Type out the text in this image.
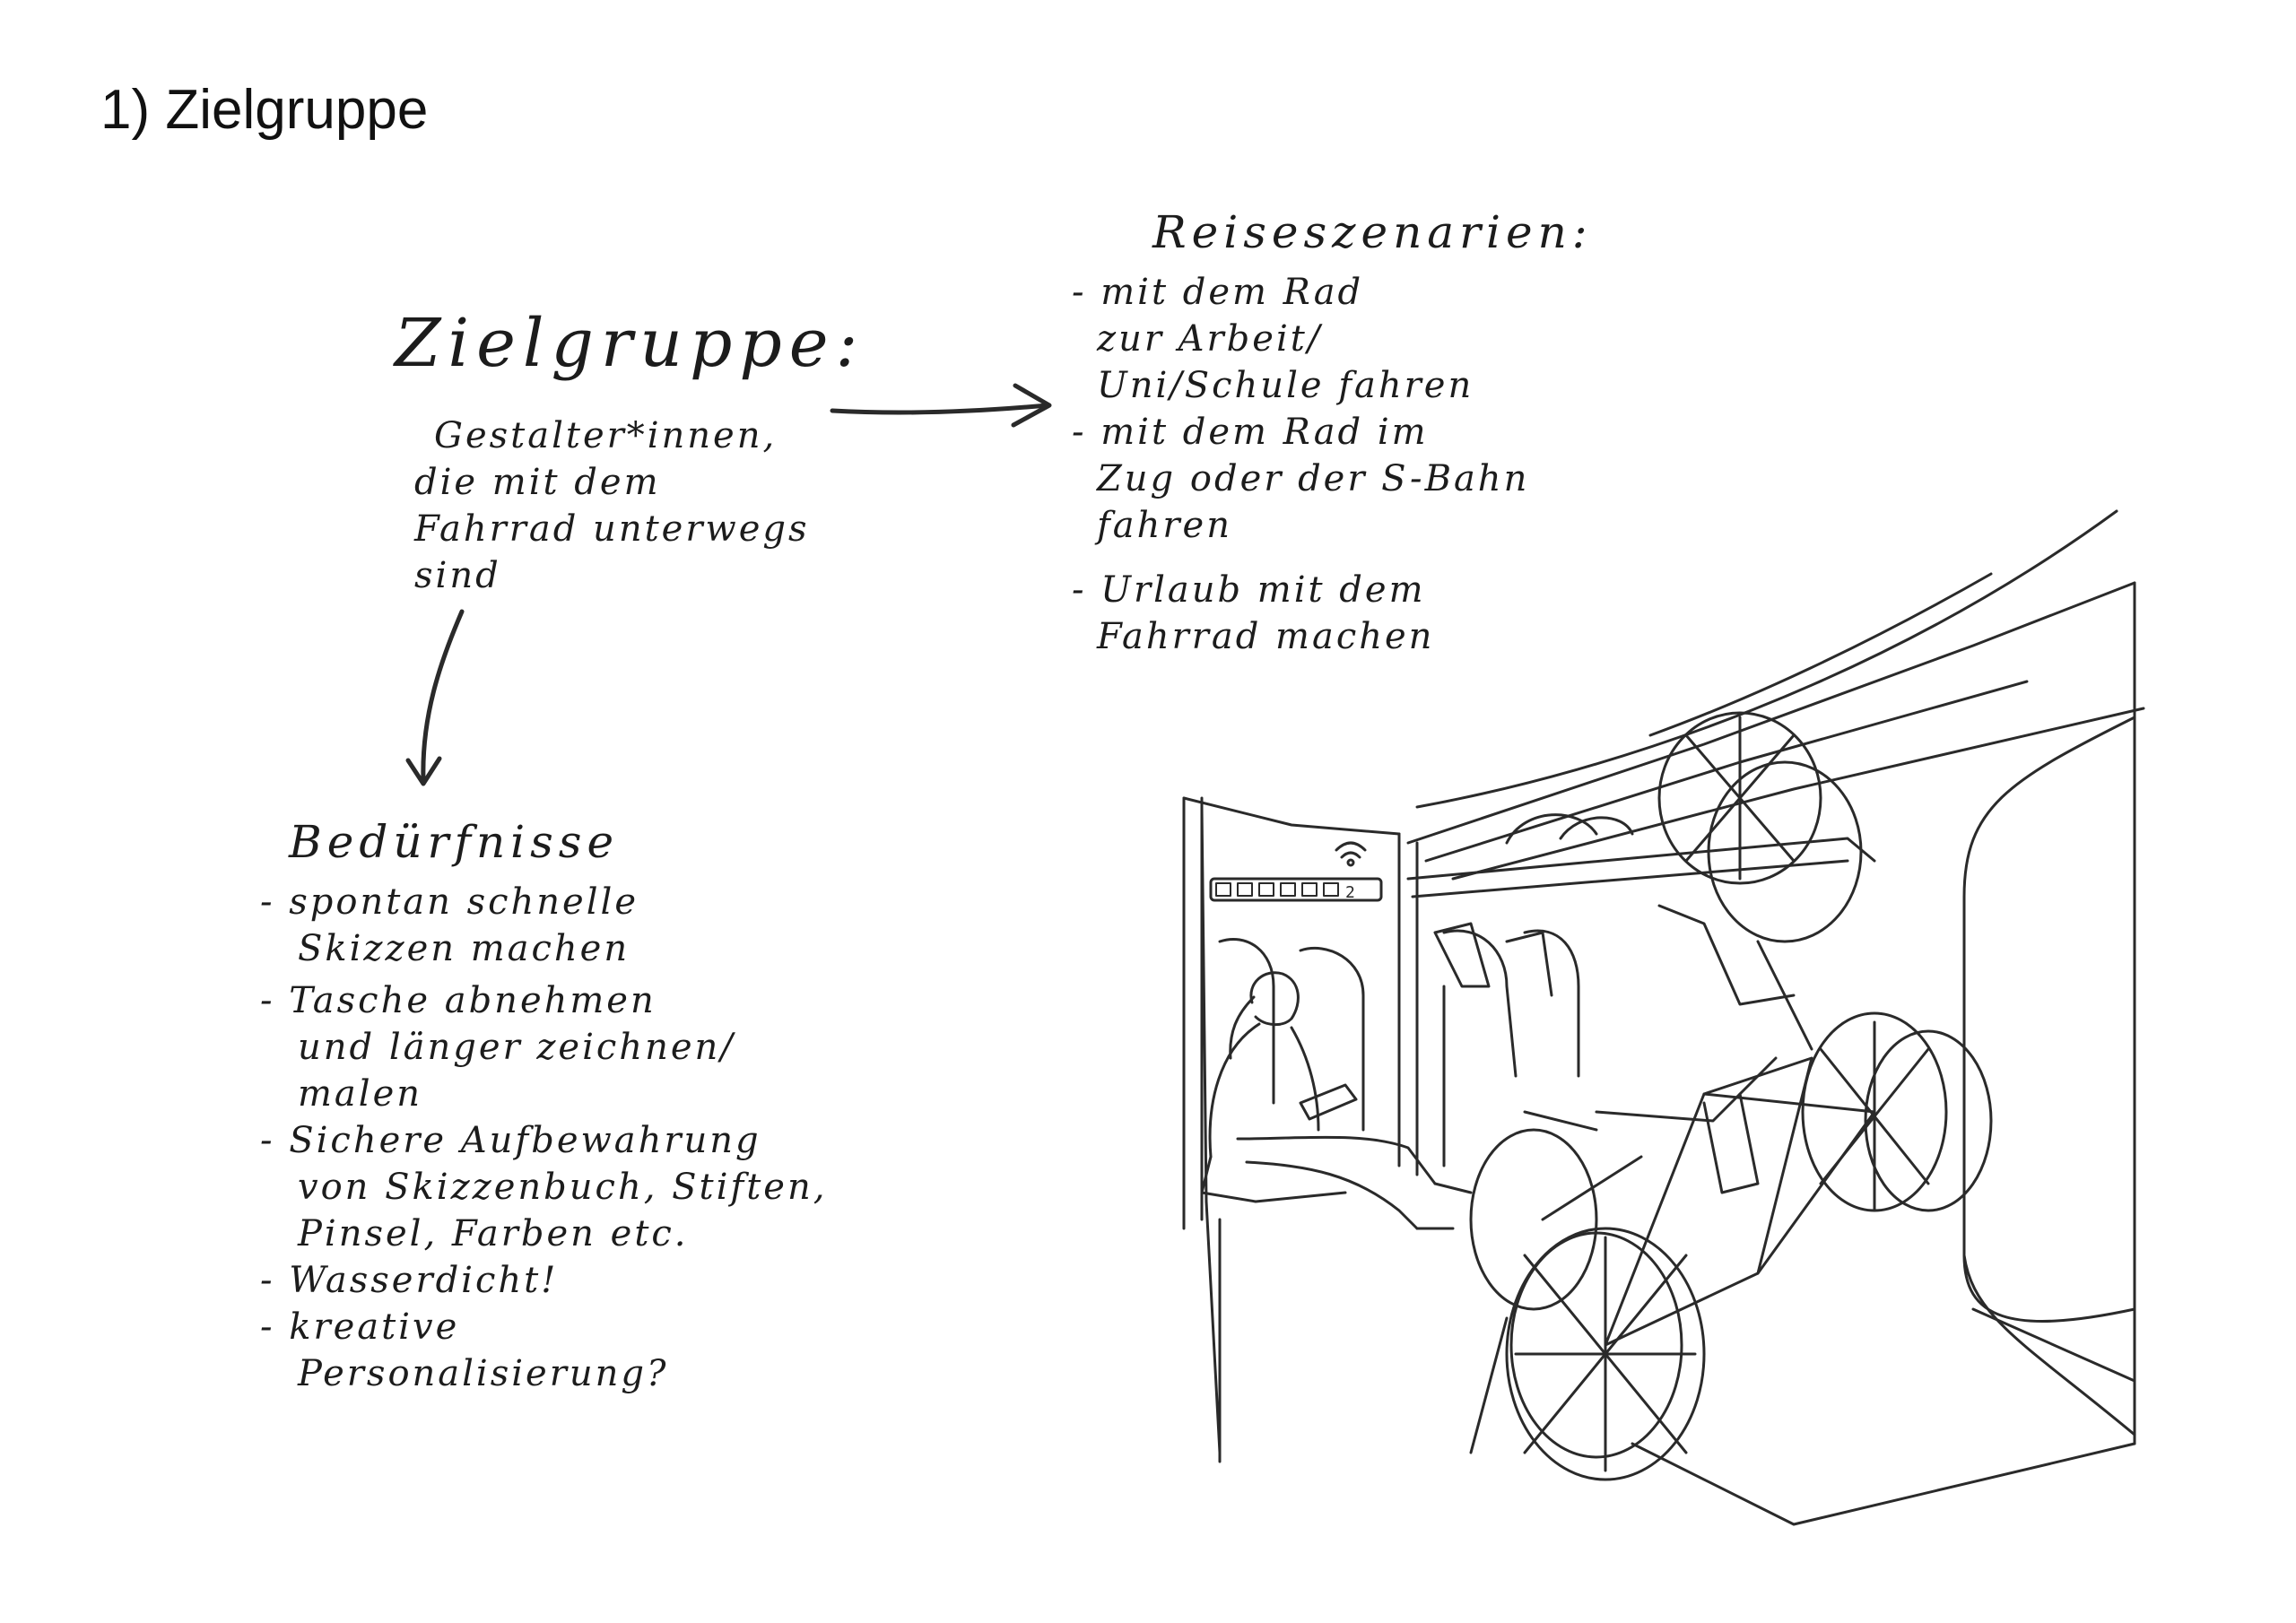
1) Zielgruppe
Zielgruppe:
Gestalter*innen,
die mit dem
Fahrrad unterwegs
sind
Reiseszenarien:
- mit dem Rad
zur Arbeit/
Uni/Schule fahren
- mit dem Rad im
Zug oder der S-Bahn
fahren
- Urlaub mit dem
Fahrrad machen
Bedürfnisse
- spontan schnelle
Skizzen machen
- Tasche abnehmen
und länger zeichnen/
malen
- Sichere Aufbewahrung
von Skizzenbuch, Stiften,
Pinsel, Farben etc.
- Wasserdicht!
- kreative
Personalisierung?
2
